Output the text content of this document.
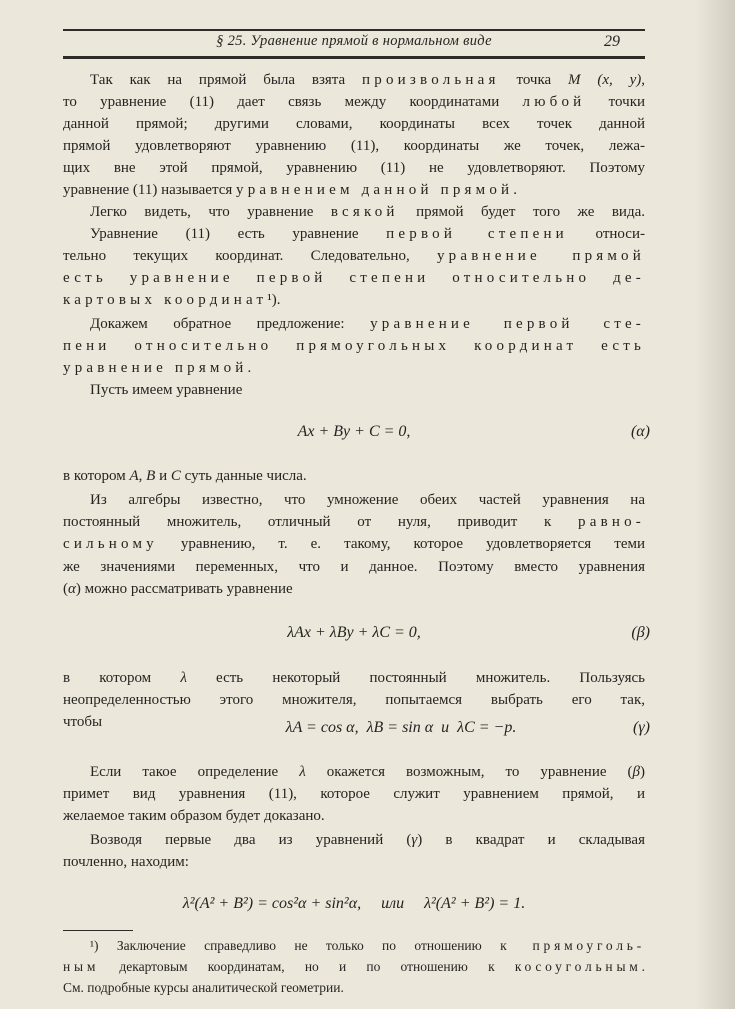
§ 25. Уравнение прямой в нормальном виде	29
Так как на прямой была взята произвольная точка M (x, y),
то уравнение (11) дает связь между координатами любой точки
данной прямой; другими словами, координаты всех точек данной
прямой удовлетворяют уравнению (11), координаты же точек, лежа-
щих вне этой прямой, уравнению (11) не удовлетворяют. Поэтому
уравнение (11) называется уравнением данной прямой.
Легко видеть, что уравнение всякой прямой будет того же вида.
Уравнение (11) есть уравнение первой степени относи-
тельно текущих координат. Следовательно, уравнение прямой
есть уравнение первой степени относительно де-
картовых координат¹).
Докажем обратное предложение: уравнение первой сте-
пени относительно прямоугольных координат есть
уравнение прямой.
Пусть имеем уравнение
в котором A, B и C суть данные числа.
Из алгебры известно, что умножение обеих частей уравнения на
постоянный множитель, отличный от нуля, приводит к равно-
сильному уравнению, т. е. такому, которое удовлетворяется теми
же значениями переменных, что и данное. Поэтому вместо уравнения
(α) можно рассматривать уравнение
в котором λ есть некоторый постоянный множитель. Пользуясь
неопределенностью этого множителя, попытаемся выбрать его так,
чтобы
Если такое определение λ окажется возможным, то уравнение (β)
примет вид уравнения (11), которое служит уравнением прямой, и
желаемое таким образом будет доказано.
Возводя первые два из уравнений (γ) в квадрат и складывая
почленно, находим:
Ax + By + C = 0,	(α)
λAx + λBy + λC = 0,	(β)
λA = cos α,  λB = sin α  и  λC = −p.	(γ)
λ²(A² + B²) = cos²α + sin²α,     или     λ²(A² + B²) = 1.
¹) Заключение справедливо не только по отношению к прямоуголь-
ным декартовым координатам, но и по отношению к косоугольным.
См. подробные курсы аналитической геометрии.
